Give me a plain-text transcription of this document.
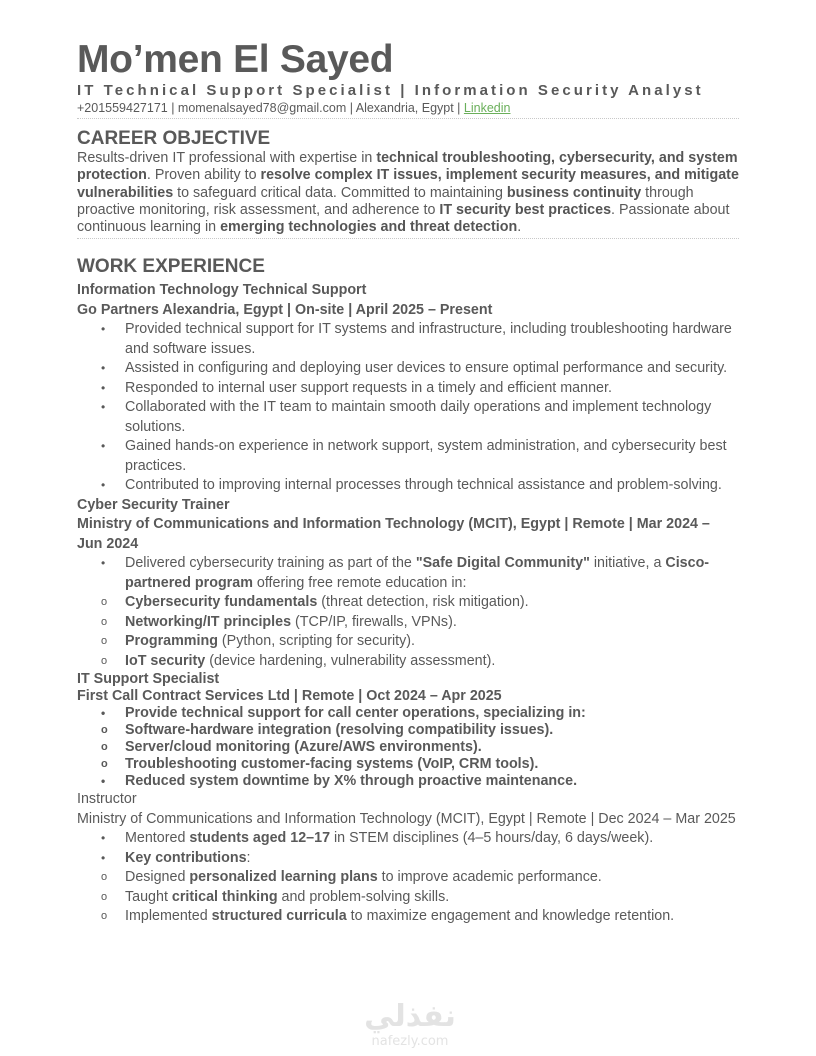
Mo’men El Sayed
IT Technical Support Specialist | Information Security Analyst
+201559427171 | momenalsayed78@gmail.com | Alexandria, Egypt | Linkedin
CAREER OBJECTIVE

Results-driven IT professional with expertise in technical troubleshooting, cybersecurity, and system protection. Proven ability to resolve complex IT issues, implement security measures, and mitigate vulnerabilities to safeguard critical data. Committed to maintaining business continuity through proactive monitoring, risk assessment, and adherence to IT security best practices. Passionate about continuous learning in emerging technologies and threat detection.

WORK EXPERIENCE
Information Technology Technical Support
Go Partners Alexandria, Egypt | On-site | April 2025 – Present
• Provided technical support for IT systems and infrastructure, including troubleshooting hardware and software issues.
• Assisted in configuring and deploying user devices to ensure optimal performance and security.
• Responded to internal user support requests in a timely and efficient manner.
• Collaborated with the IT team to maintain smooth daily operations and implement technology solutions.
• Gained hands-on experience in network support, system administration, and cybersecurity best practices.
• Contributed to improving internal processes through technical assistance and problem-solving.
Cyber Security Trainer
Ministry of Communications and Information Technology (MCIT), Egypt | Remote | Mar 2024 – Jun 2024
• Delivered cybersecurity training as part of the "Safe Digital Community" initiative, a Cisco-partnered program offering free remote education in:
o Cybersecurity fundamentals (threat detection, risk mitigation).
o Networking/IT principles (TCP/IP, firewalls, VPNs).
o Programming (Python, scripting for security).
o IoT security (device hardening, vulnerability assessment).
IT Support Specialist
First Call Contract Services Ltd | Remote | Oct 2024 – Apr 2025
• Provide technical support for call center operations, specializing in:
o Software-hardware integration (resolving compatibility issues).
o Server/cloud monitoring (Azure/AWS environments).
o Troubleshooting customer-facing systems (VoIP, CRM tools).
• Reduced system downtime by X% through proactive maintenance.
Instructor
Ministry of Communications and Information Technology (MCIT), Egypt | Remote | Dec 2024 – Mar 2025
• Mentored students aged 12–17 in STEM disciplines (4–5 hours/day, 6 days/week).
• Key contributions:
o Designed personalized learning plans to improve academic performance.
o Taught critical thinking and problem-solving skills.
o Implemented structured curricula to maximize engagement and knowledge retention.
نفذلي
nafezly.com
